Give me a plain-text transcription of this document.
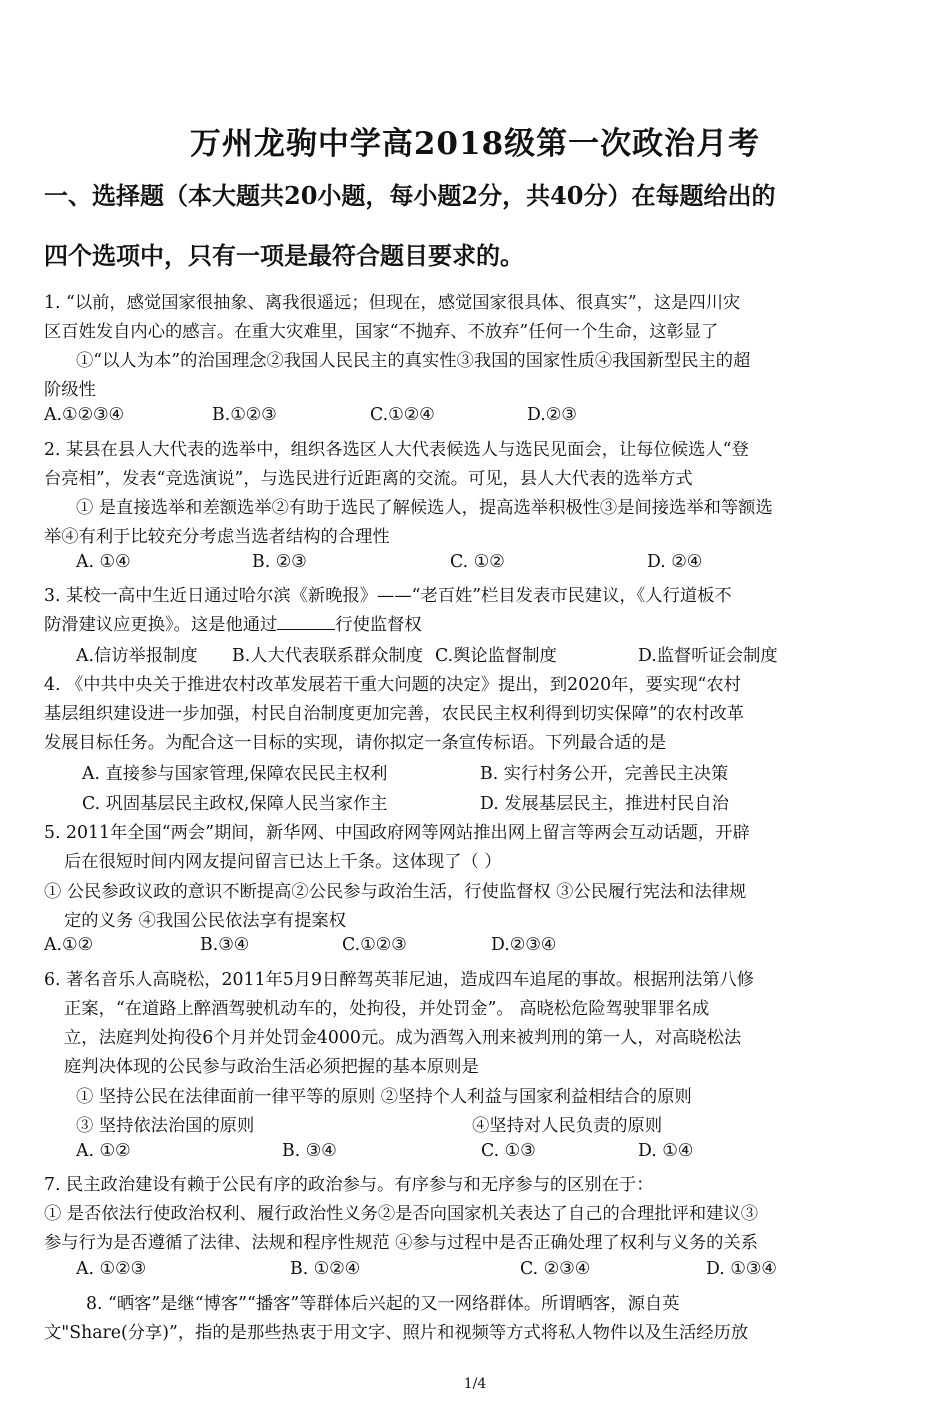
万州龙驹中学高2018级第一次政治月考
一、选择题（本大题共20小题，每小题2分，共40分）在每题给出的
四个选项中，只有一项是最符合题目要求的。
1. “以前，感觉国家很抽象、离我很遥远；但现在，感觉国家很具体、很真实”，这是四川灾
区百姓发自内心的感言。在重大灾难里，国家“不抛弃、不放弃”任何一个生命，这彰显了
①“以人为本”的治国理念②我国人民民主的真实性③我国的国家性质④我国新型民主的超
阶级性
A.①②③④	B.①②③	C.①②④	D.②③
2. 某县在县人大代表的选举中，组织各选区人大代表候选人与选民见面会，让每位候选人“登
台亮相”，发表“竞选演说”，与选民进行近距离的交流。可见，县人大代表的选举方式
① 是直接选举和差额选举②有助于选民了解候选人，提高选举积极性③是间接选举和等额选
举④有利于比较充分考虑当选者结构的合理性
A. ①④	B. ②③	C. ①②	D. ②④
3. 某校一高中生近日通过哈尔滨《新晚报》——“老百姓”栏目发表市民建议，《人行道板不
防滑建议应更换》。这是他通过	行使监督权
A.信访举报制度 B.人大代表联系群众制度 C.舆论监督制度	D.监督听证会制度
4. 《中共中央关于推进农村改革发展若干重大问题的决定》提出，到2020年，要实现“农村
基层组织建设进一步加强，村民自治制度更加完善，农民民主权利得到切实保障”的农村改革
发展目标任务。为配合这一目标的实现，请你拟定一条宣传标语。下列最合适的是
A. 直接参与国家管理,保障农民民主权利	B. 实行村务公开，完善民主决策
C. 巩固基层民主政权,保障人民当家作主	D. 发展基层民主，推进村民自治
5. 2011年全国“两会”期间，新华网、中国政府网等网站推出网上留言等两会互动话题，开辟
后在很短时间内网友提问留言已达上千条。这体现了（ ）
① 公民参政议政的意识不断提高②公民参与政治生活，行使监督权 ③公民履行宪法和法律规
定的义务 ④我国公民依法享有提案权
A.①②	B.③④	C.①②③	D.②③④
6. 著名音乐人高晓松，2011年5月9日醉驾英菲尼迪，造成四车追尾的事故。根据刑法第八修
正案，“在道路上醉酒驾驶机动车的，处拘役，并处罚金”。 高晓松危险驾驶罪罪名成
立，法庭判处拘役6个月并处罚金4000元。成为酒驾入刑来被判刑的第一人，对高晓松法
庭判决体现的公民参与政治生活必须把握的基本原则是
① 坚持公民在法律面前一律平等的原则 ②坚持个人利益与国家利益相结合的原则
③ 坚持依法治国的原则	④坚持对人民负责的原则
A. ①②	B. ③④	C. ①③	D. ①④
7. 民主政治建设有赖于公民有序的政治参与。有序参与和无序参与的区别在于：
① 是否依法行使政治权利、履行政治性义务②是否向国家机关表达了自己的合理批评和建议③
参与行为是否遵循了法律、法规和程序性规范 ④参与过程中是否正确处理了权利与义务的关系
A. ①②③	B. ①②④	C. ②③④	D. ①③④
8. “晒客”是继“博客”“播客”等群体后兴起的又一网络群体。所谓晒客，源自英
文"Share(分享)”，指的是那些热衷于用文字、照片和视频等方式将私人物件以及生活经历放
1/4
